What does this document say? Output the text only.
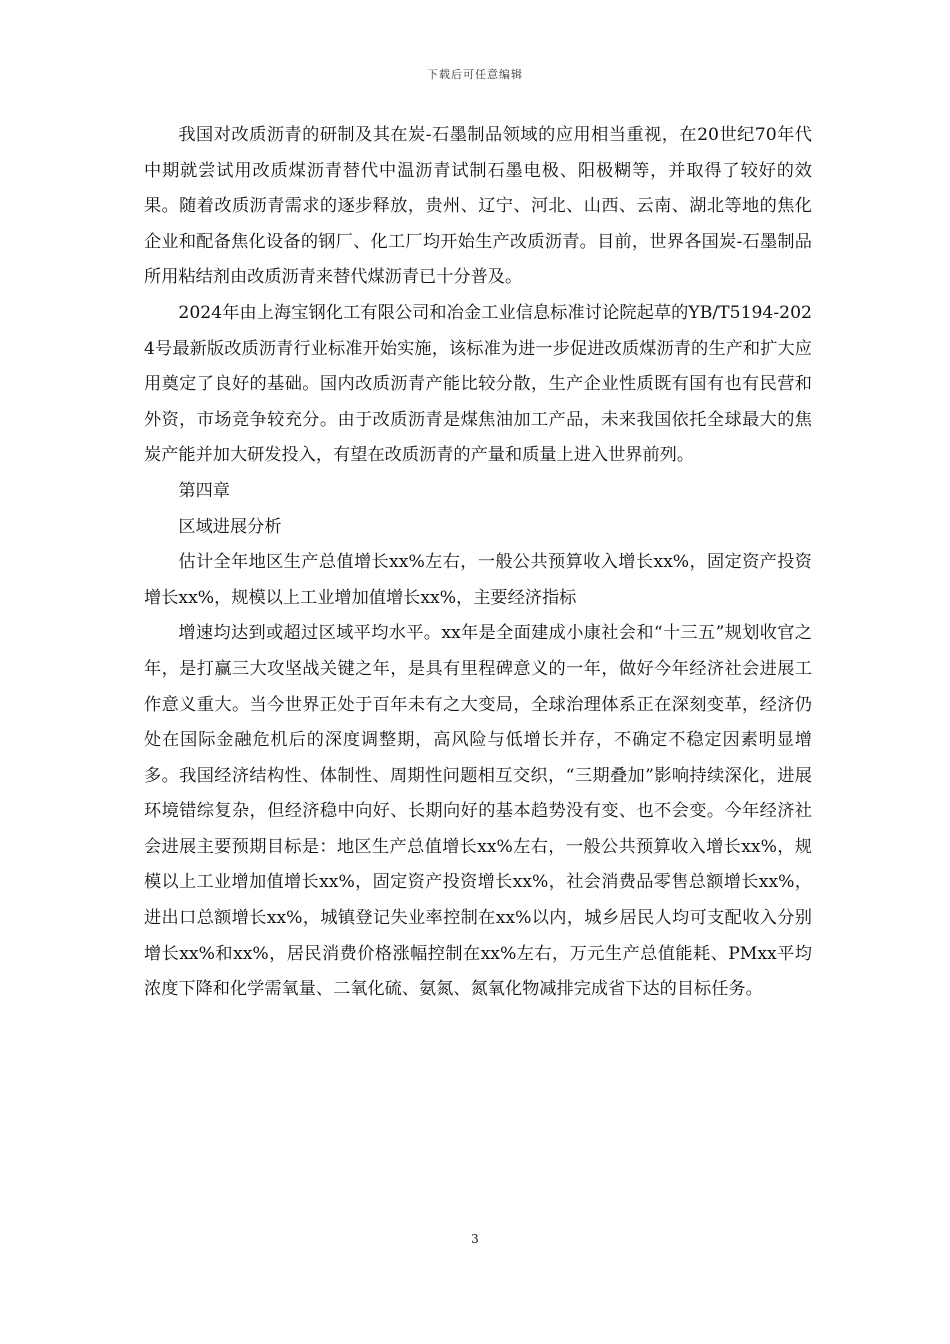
下载后可任意编辑

我国对改质沥青的研制及其在炭-石墨制品领域的应用相当重视，在20世纪70年代中期就尝试用改质煤沥青替代中温沥青试制石墨电极、阳极糊等，并取得了较好的效果。随着改质沥青需求的逐步释放，贵州、辽宁、河北、山西、云南、湖北等地的焦化企业和配备焦化设备的钢厂、化工厂均开始生产改质沥青。目前，世界各国炭-石墨制品所用粘结剂由改质沥青来替代煤沥青已十分普及。

2024年由上海宝钢化工有限公司和冶金工业信息标准讨论院起草的YB/T5194-2024号最新版改质沥青行业标准开始实施，该标准为进一步促进改质煤沥青的生产和扩大应用奠定了良好的基础。国内改质沥青产能比较分散，生产企业性质既有国有也有民营和外资，市场竞争较充分。由于改质沥青是煤焦油加工产品，未来我国依托全球最大的焦炭产能并加大研发投入，有望在改质沥青的产量和质量上进入世界前列。

第四章

区域进展分析

估计全年地区生产总值增长xx%左右，一般公共预算收入增长xx%，固定资产投资增长xx%，规模以上工业增加值增长xx%，主要经济指标

增速均达到或超过区域平均水平。xx年是全面建成小康社会和“十三五”规划收官之年，是打赢三大攻坚战关键之年，是具有里程碑意义的一年，做好今年经济社会进展工作意义重大。当今世界正处于百年未有之大变局，全球治理体系正在深刻变革，经济仍处在国际金融危机后的深度调整期，高风险与低增长并存，不确定不稳定因素明显增多。我国经济结构性、体制性、周期性问题相互交织，“三期叠加”影响持续深化，进展环境错综复杂，但经济稳中向好、长期向好的基本趋势没有变、也不会变。今年经济社会进展主要预期目标是：地区生产总值增长xx%左右，一般公共预算收入增长xx%，规模以上工业增加值增长xx%，固定资产投资增长xx%，社会消费品零售总额增长xx%，进出口总额增长xx%，城镇登记失业率控制在xx%以内，城乡居民人均可支配收入分别增长xx%和xx%，居民消费价格涨幅控制在xx%左右，万元生产总值能耗、PMxx平均浓度下降和化学需氧量、二氧化硫、氨氮、氮氧化物减排完成省下达的目标任务。

3
